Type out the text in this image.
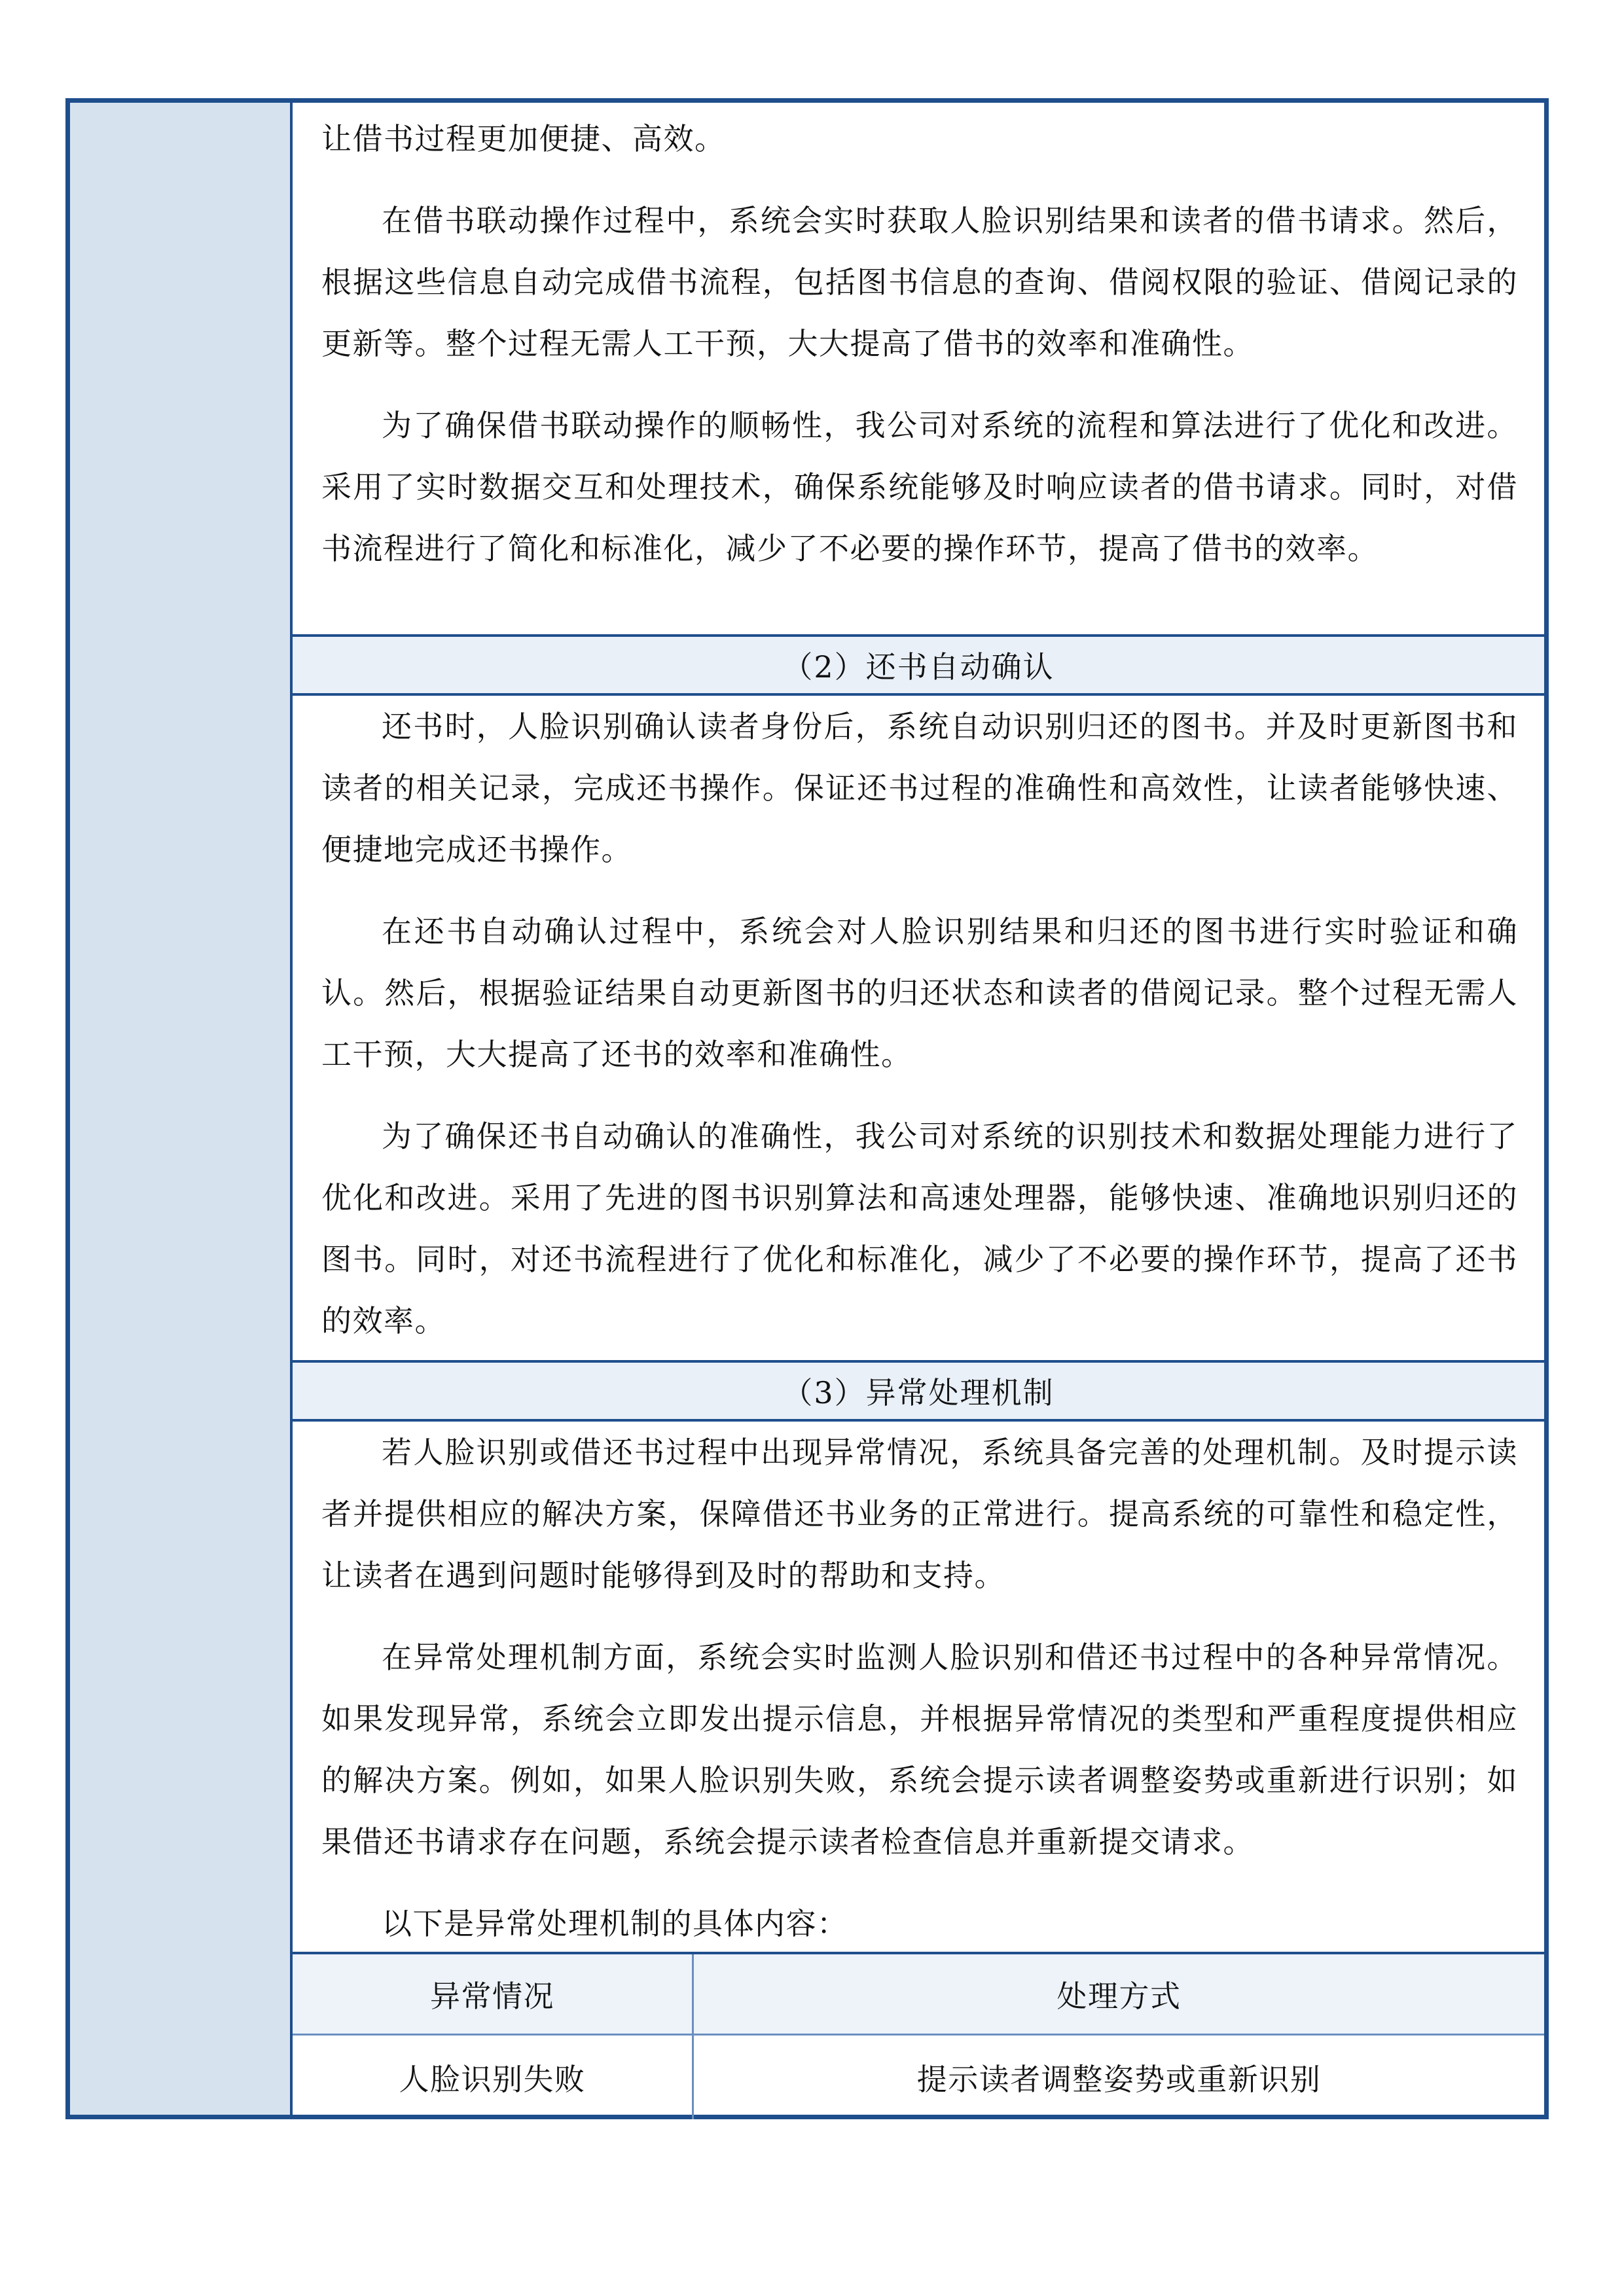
让借书过程更加便捷、高效。

在借书联动操作过程中，系统会实时获取人脸识别结果和读者的借书请求。然后，根据这些信息自动完成借书流程，包括图书信息的查询、借阅权限的验证、借阅记录的更新等。整个过程无需人工干预，大大提高了借书的效率和准确性。

为了确保借书联动操作的顺畅性，我公司对系统的流程和算法进行了优化和改进。采用了实时数据交互和处理技术，确保系统能够及时响应读者的借书请求。同时，对借书流程进行了简化和标准化，减少了不必要的操作环节，提高了借书的效率。

（2）还书自动确认

还书时，人脸识别确认读者身份后，系统自动识别归还的图书。并及时更新图书和读者的相关记录，完成还书操作。保证还书过程的准确性和高效性，让读者能够快速、便捷地完成还书操作。

在还书自动确认过程中，系统会对人脸识别结果和归还的图书进行实时验证和确认。然后，根据验证结果自动更新图书的归还状态和读者的借阅记录。整个过程无需人工干预，大大提高了还书的效率和准确性。

为了确保还书自动确认的准确性，我公司对系统的识别技术和数据处理能力进行了优化和改进。采用了先进的图书识别算法和高速处理器，能够快速、准确地识别归还的图书。同时，对还书流程进行了优化和标准化，减少了不必要的操作环节，提高了还书的效率。

（3）异常处理机制

若人脸识别或借还书过程中出现异常情况，系统具备完善的处理机制。及时提示读者并提供相应的解决方案，保障借还书业务的正常进行。提高系统的可靠性和稳定性，让读者在遇到问题时能够得到及时的帮助和支持。

在异常处理机制方面，系统会实时监测人脸识别和借还书过程中的各种异常情况。如果发现异常，系统会立即发出提示信息，并根据异常情况的类型和严重程度提供相应的解决方案。例如，如果人脸识别失败，系统会提示读者调整姿势或重新进行识别；如果借还书请求存在问题，系统会提示读者检查信息并重新提交请求。

以下是异常处理机制的具体内容：

异常情况	处理方式
人脸识别失败	提示读者调整姿势或重新识别
